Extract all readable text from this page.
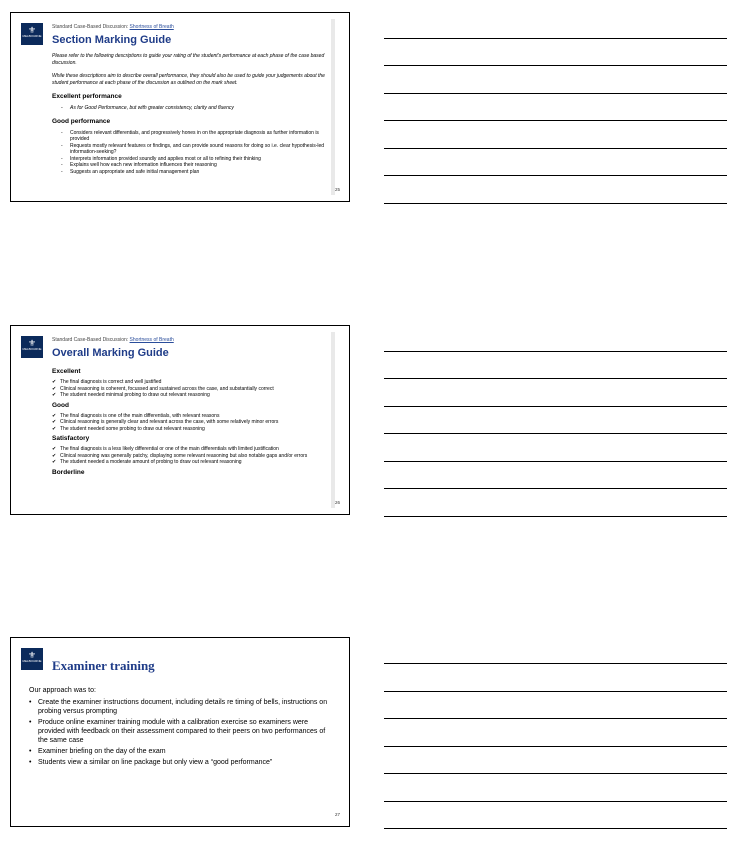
⚜
MELBOURNE
Standard Case-Based Discussion: Shortness of Breath
Section Marking Guide

Please refer to the following descriptions to guide your rating of the student's performance at each phase of the case based discussion.

While these descriptions aim to describe overall performance, they should also be used to guide your judgements about the student performance at each phase of the discussion as outlined on the mark sheet.

Excellent performance

- As for Good Performance, but with greater consistency, clarity and fluency

Good performance

- Considers relevant differentials, and progressively hones in on the appropriate diagnosis as further information is provided

- Requests mostly relevant features or findings, and can provide sound reasons for doing so i.e. clear hypothesis-led information-seeking?

- Interprets information provided soundly and applies most or all to refining their thinking

- Explains well how each new information influences their reasoning

- Suggests an appropriate and safe initial management plan

25
⚜
MELBOURNE
Standard Case-Based Discussion: Shortness of Breath
Overall Marking Guide
Excellent

✔ The final diagnosis is correct and well justified

✔ Clinical reasoning is coherent, focussed and sustained across the case, and substantially correct

✔ The student needed minimal probing to draw out relevant reasoning

Good

✔ The final diagnosis is one of the main differentials, with relevant reasons

✔ Clinical reasoning is generally clear and relevant across the case, with some relatively minor errors

✔ The student needed some probing to draw out relevant reasoning

Satisfactory

✔ The final diagnosis is a less likely differential or one of the main differentials with limited justification

✔ Clinical reasoning was generally patchy, displaying some relevant reasoning but also notable gaps and/or errors

✔ The student needed a moderate amount of probing to draw out relevant reasoning

Borderline
26
⚜
MELBOURNE Examiner training

Our approach was to:

• Create the examiner instructions document, including details re timing of bells, instructions on probing versus prompting

• Produce online examiner training module with a calibration exercise so examiners were provided with feedback on their assessment compared to their peers on two performances of the same case

• Examiner briefing on the day of the exam

• Students view a similar on line package but only view a “good performance”

27
